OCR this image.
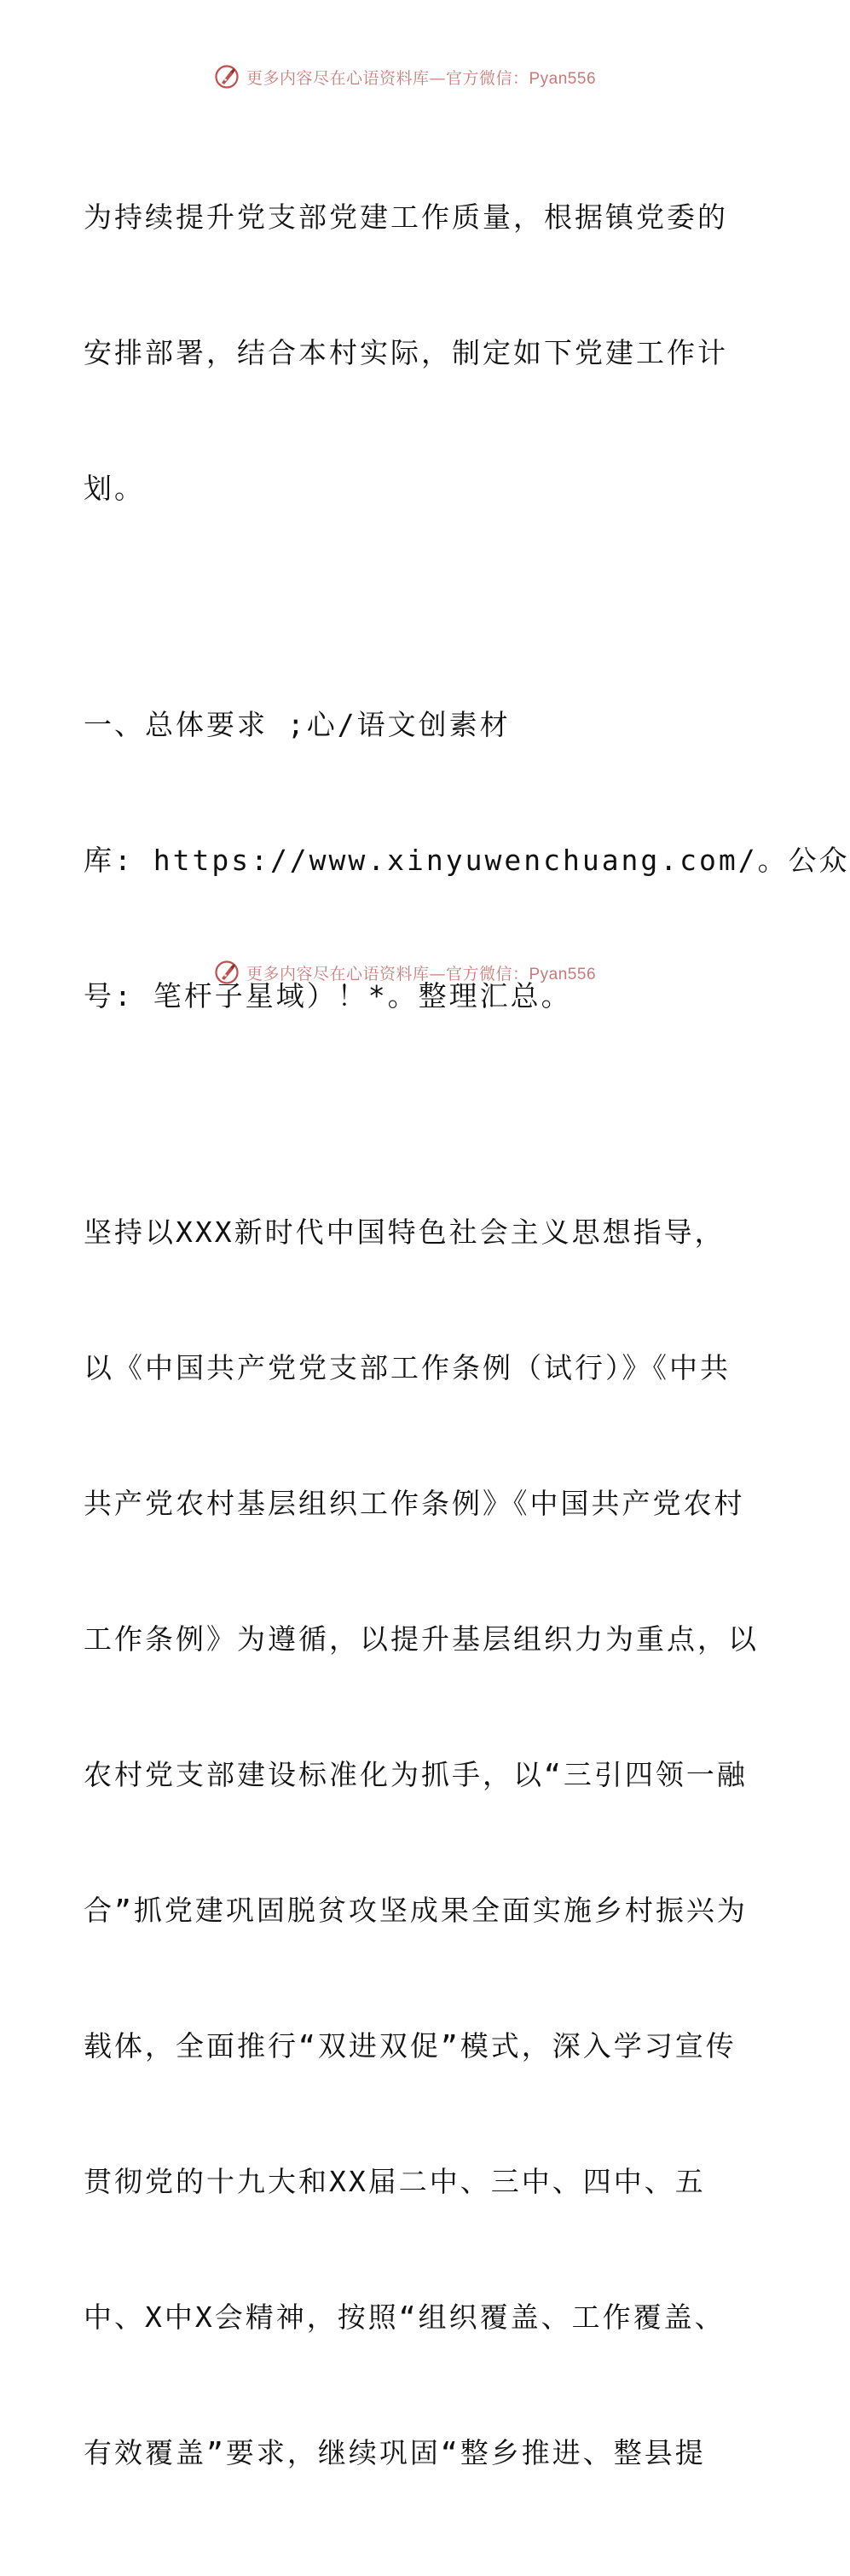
更多内容尽在心语资料库—官方微信：Pyan556

为持续提升党支部党建工作质量，根据镇党委的

安排部署，结合本村实际，制定如下党建工作计

划。

一、总体要求 ;心/语文创素材

库: https://www.xinyuwenchuang.com/。公众

号: 笔杆子星域）！*。整理汇总。

坚持以XXX新时代中国特色社会主义思想指导，

以《中国共产党党支部工作条例（试行）》《中共

共产党农村基层组织工作条例》《中国共产党农村

工作条例》为遵循，以提升基层组织力为重点，以

农村党支部建设标准化为抓手，以“三引四领一融

合”抓党建巩固脱贫攻坚成果全面实施乡村振兴为

载体，全面推行“双进双促”模式，深入学习宣传

贯彻党的十九大和XX届二中、三中、四中、五

中、X中X会精神，按照“组织覆盖、工作覆盖、

有效覆盖”要求，继续巩固“整乡推进、整县提

更多内容尽在心语资料库—官方微信：Pyan556
